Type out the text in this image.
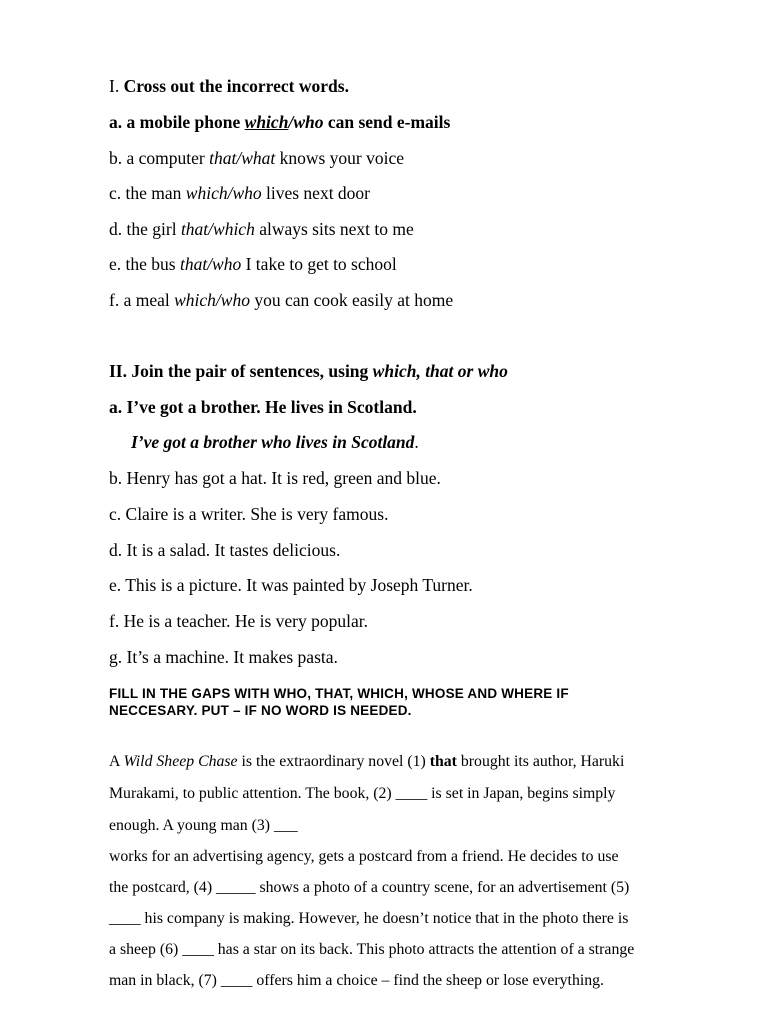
I. Cross out the incorrect words.
a. a mobile phone which/who can send e-mails
b. a computer that/what knows your voice
c. the man which/who lives next door
d. the girl that/which always sits next to me
e. the bus that/who I take to get to school
f. a meal which/who you can cook easily at home
II. Join the pair of sentences, using which, that or who
a. I’ve got a brother. He lives in Scotland.
I’ve got a brother who lives in Scotland.
b. Henry has got a hat. It is red, green and blue.
c. Claire is a writer. She is very famous.
d. It is a salad. It tastes delicious.
e. This is a picture. It was painted by Joseph Turner.
f. He is a teacher. He is very popular.
g. It’s a machine. It makes pasta.
FILL IN THE GAPS WITH WHO, THAT, WHICH, WHOSE AND WHERE IF
NECCESARY. PUT – IF NO WORD IS NEEDED.
A Wild Sheep Chase is the extraordinary novel (1) that brought its author, Haruki
Murakami, to public attention. The book, (2) ____ is set in Japan, begins simply
enough. A young man (3) ___
works for an advertising agency, gets a postcard from a friend. He decides to use
the postcard, (4) _____ shows a photo of a country scene, for an advertisement (5)
____ his company is making. However, he doesn’t notice that in the photo there is
a sheep (6) ____ has a star on its back. This photo attracts the attention of a strange
man in black, (7) ____ offers him a choice – find the sheep or lose everything.
